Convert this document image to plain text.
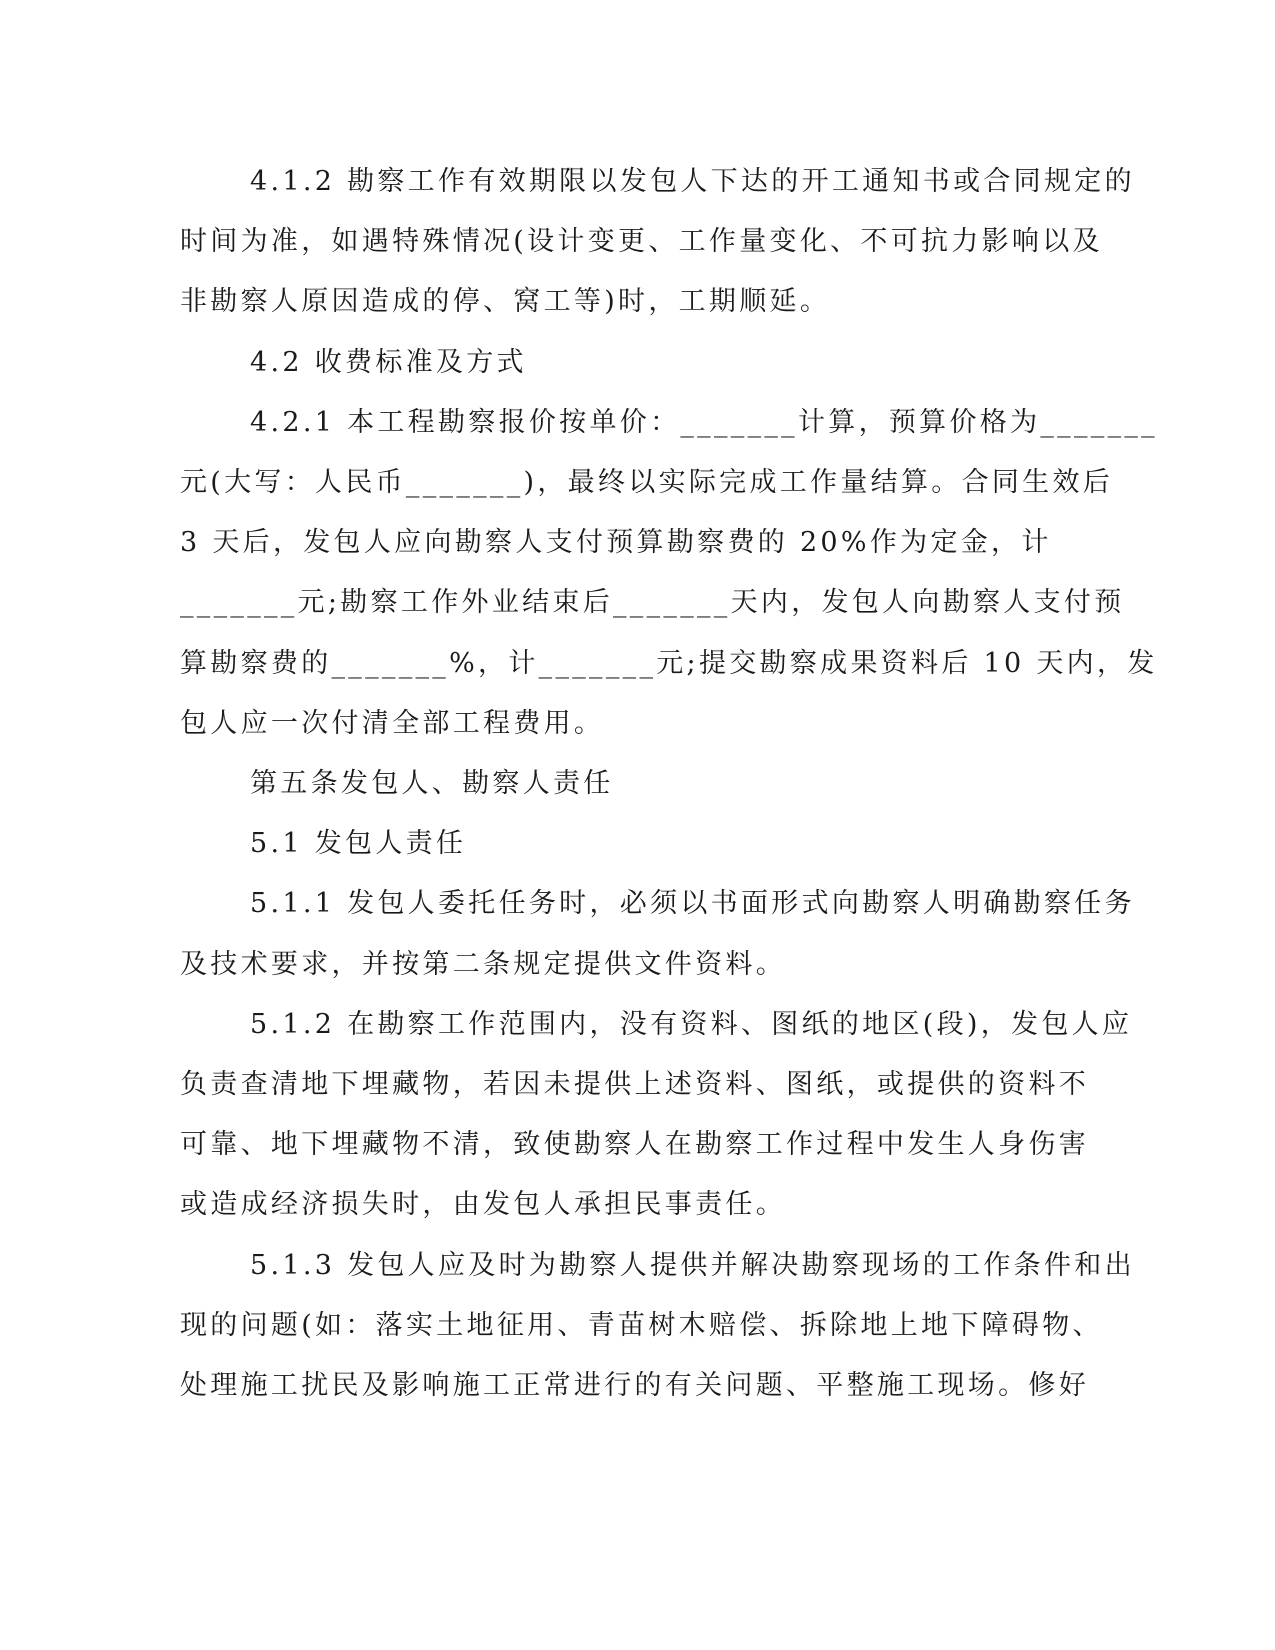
4.1.2 勘察工作有效期限以发包人下达的开工通知书或合同规定的
时间为准，如遇特殊情况(设计变更、工作量变化、不可抗力影响以及
非勘察人原因造成的停、窝工等)时，工期顺延。
4.2 收费标准及方式
4.2.1 本工程勘察报价按单价：_______计算，预算价格为_______
元(大写：人民币_______)，最终以实际完成工作量结算。合同生效后
3 天后，发包人应向勘察人支付预算勘察费的 20%作为定金，计
_______元;勘察工作外业结束后_______天内，发包人向勘察人支付预
算勘察费的_______%，计_______元;提交勘察成果资料后 10 天内，发
包人应一次付清全部工程费用。
第五条发包人、勘察人责任
5.1 发包人责任
5.1.1 发包人委托任务时，必须以书面形式向勘察人明确勘察任务
及技术要求，并按第二条规定提供文件资料。
5.1.2 在勘察工作范围内，没有资料、图纸的地区(段)，发包人应
负责查清地下埋藏物，若因未提供上述资料、图纸，或提供的资料不
可靠、地下埋藏物不清，致使勘察人在勘察工作过程中发生人身伤害
或造成经济损失时，由发包人承担民事责任。
5.1.3 发包人应及时为勘察人提供并解决勘察现场的工作条件和出
现的问题(如：落实土地征用、青苗树木赔偿、拆除地上地下障碍物、
处理施工扰民及影响施工正常进行的有关问题、平整施工现场。修好
